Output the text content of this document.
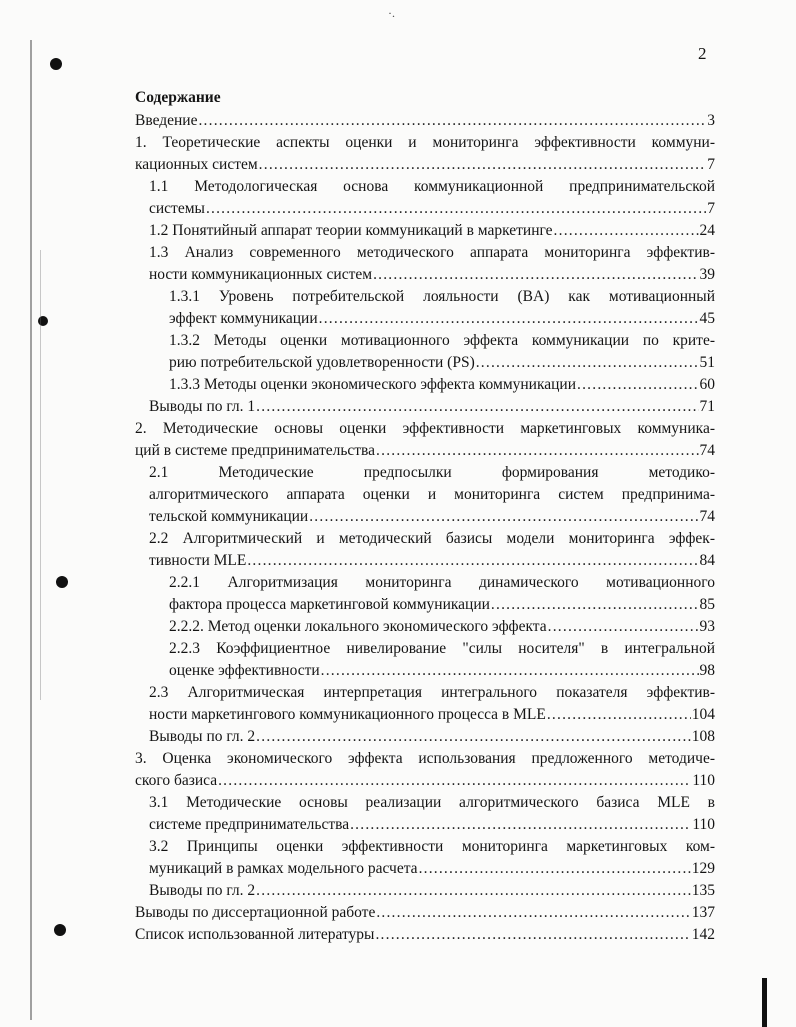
·.
2
Содержание
Введение .....	3
1. Теоретические аспекты оценки и мониторинга эффективности коммуни-
кационных систем .....	7
1.1 Методологическая основа коммуникационной предпринимательской
системы .....	7
1.2 Понятийный аппарат теории коммуникаций в маркетинге .....	24
1.3 Анализ современного методического аппарата мониторинга эффектив-
ности коммуникационных систем .....	39
1.3.1 Уровень потребительской лояльности (BA) как мотивационный
эффект коммуникации .....	45
1.3.2 Методы оценки мотивационного эффекта коммуникации по крите-
рию потребительской удовлетворенности (PS) .....	51
1.3.3 Методы оценки экономического эффекта коммуникации .....	60
Выводы по гл. 1 .....	71
2. Методические основы оценки эффективности маркетинговых коммуника-
ций в системе предпринимательства .....	74
2.1 Методические предпосылки формирования методико-
алгоритмического аппарата оценки и мониторинга систем предпринима-
тельской коммуникации .....	74
2.2 Алгоритмический и методический базисы модели мониторинга эффек-
тивности MLE .....	84
2.2.1 Алгоритмизация мониторинга динамического мотивационного
фактора процесса маркетинговой коммуникации .....	85
2.2.2. Метод оценки локального экономического эффекта .....	93
2.2.3 Коэффициентное нивелирование "силы носителя" в интегральной
оценке эффективности .....	98
2.3 Алгоритмическая интерпретация интегрального показателя эффектив-
ности маркетингового коммуникационного процесса в MLE .....	104
Выводы по гл. 2 .....	108
3. Оценка экономического эффекта использования предложенного методиче-
ского базиса .....	110
3.1 Методические основы реализации алгоритмического базиса MLE в
системе предпринимательства .....	110
3.2 Принципы оценки эффективности мониторинга маркетинговых ком-
муникаций в рамках модельного расчета .....	129
Выводы по гл. 2 .....	135
Выводы по диссертационной работе .....	137
Список использованной литературы .....	142
